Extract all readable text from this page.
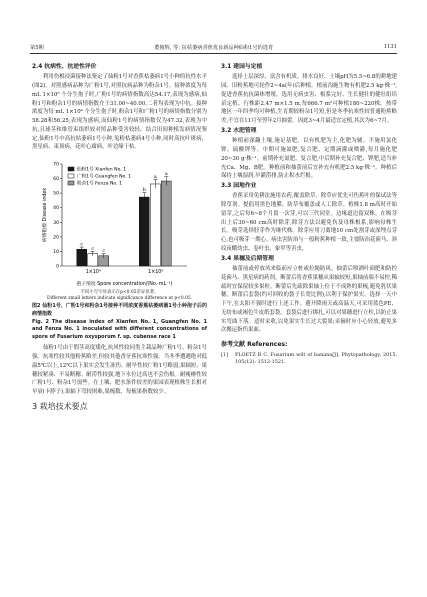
第5期	董俊辉, 等: 抗枯萎病香蕉优良新品种仙粉1号的选育	1131
2.4 抗病性、抗逆性评价
利用伤根浸菌接种法鉴定了仙粉1号对香蕉枯萎病1号小种的抗性水平(图2)。对照感病品种为广粉1号,对照抗病品种为粉杂1号。接种浓度为每 mL 1×10⁶ 个分生孢子时,广粉1号的病情指数高达54.17,表现为感病,仙粉1号和粉杂1号的病情指数介于31.00~40.00,二者均表现为中抗。接种浓度为每 mL 1×10⁴ 个分生孢子时,粉杂1号和广粉1号的病情指数分别为58.28和56.25,表现为感病,而仙粉1号的病情指数仅为47.32,表现为中抗,且球茎和维管束组织较对照品种受害较轻。结合田间种植发病情况鉴定,仙粉1号中高抗枯萎病1号小种,兔粉枯萎病4号小种,同时高抗叶斑病、黑星病、束顶病、花叶心腐病、叶边缘干枯。
0
10
20
30
40
50
60
70
病情指数 Disease index
孢子浓度 Spore concentration/(No.·mL⁻¹)
1×10⁴
c
c c
1×10⁶
b
a
a
仙粉1号 Xianfen No. 1
广粉1号 Guangfen No. 1
粉杂1号 Fenza No. 1
不同小写字母表示在p<0.05差异显著。
Different small letters indicate significance difference at p<0.05.
图2 仙粉1号、广粉1号和粉杂1号接种不同浓度香蕉枯萎病菌1号小种孢子后的病情指数
Fig. 2 The disease index of Xianfen No. 1, Guangfen No. 1 and Fenza No. 1 inoculated with different concentrations of spore of Fusarium oxysporum f. sp. cubense race 1
仙粉1号由于假茎高度矮化,抗风性较同类主栽品种广粉1号、粉杂1号强。抗寒性较其他粉蕉略差,但较其他香牙蕉抗寒性强。当冬季遭遇绝对低温5℃以上,12℃以下果实会发生冻伤。耐旱性较广粉1号略弱,果轴短、果穗较紧凑、不易断穗。耐涝性较强,地下水位过高也不会伤根。耐瘦瘠性较广粉1号、粉杂1号弱些。在土壤、肥水条件较差的果园表现植株生长相对早衰(卡脖子),果轴下弯较困难,果梳数、每梳果指数较少。
3 栽培技术要点
3.1 建园与定植
选择土层深厚、富含有机质、排水良好、土壤pH为5.5~6.8的耕地建园。旧粉蕉地可轮作2~4a(年)后种植。植前沟施生物有机肥2.5 kg·株⁻¹,促进香蕉抗抗菌体增殖。选用无病虫害、根系完好、生长健壮的健壮组培苗定植。行株距2.47 m×1.5 m,每666.7 m²可种植180~220株。热带地区一年四季均可种植,生育期较粉杂1号短,但是冬季抗寒性较普通粉蕉略差,不宜在11月至翌年2月抽蕾。因此3~4月最适宜定植,其次为6~7月。
3.2 水肥管理
种植前深翻土壤,施足基肥。以有机肥为主,化肥为辅。不施用氯化钾、硫酸钾等。中期可施氮肥,复合肥、定期滴灌或喷灌,每月施化肥20~30 g·株⁻¹。前期补充氮肥、复合肥,中后期补充复合肥、钾肥,适当补充Ca、Mg、B肥。种植前和抽蕾前后宜补充有机肥2.5 kg·株⁻¹。种植后保持土壤湿润,旱灌涝排,防止积水烂根。
3.3 园地作业
香蕉采用免耕法施用农药,覆盖除草。除草应优先可伤蕉叶的保试法等除草剂。提倡用黑色地膜、防草布覆盖或人工除草。植株1.8 m高时开始留芽,之后每6~8个月留一次芽,可以三代同堂。边缘道边留双株。在吸芽出土后30~60 cm高时除芽,除芽方法以避免伤及母株根系,影响母株生长。吸芽选择胫芽作为继代株。除芽应用刀离地10 cm处割芽或深埋点芽心,也可吸芽一期心。病虫害防治与一般粉蕉种植一致,主要防治花蓟马、斜纹夜蛾幼虫、卷叶虫、象甲等害虫。
3.4 果穗及后期管理
抽蕾前或停放风来临前应立桩或拉绳防风。抽蕾后喷洒叶面肥和防控花蓟马、黑星病的药剂。断蕾后将香蕉果穗从果轴较短,果轴前端不易控,稀疏时宜保留较多果粒。断蕾后先疏除果轴上位于不成熟的果梳,避免乳状果穗。断蕾后套袋(约可回收的袋子长宽比例),以利于保护果实。选择一天中下午,在太阳不强时进行上述工作。避开降雨天或高温天,可采用蓝色PE、无纺布或褐色牛皮纸套袋。套袋后进行绑扎,可以对果穗进行立柱,以防止果实弯曲下落。适时采收,以免果实生长过大裂果;采摘时应小心轻放,避免多次搬运指伤果面。
参考文献 References:
[1]	PLOETZ R C. Fusarium wilt of banana[J]. Phytopathology, 2015, 105(12): 1512-1521.
